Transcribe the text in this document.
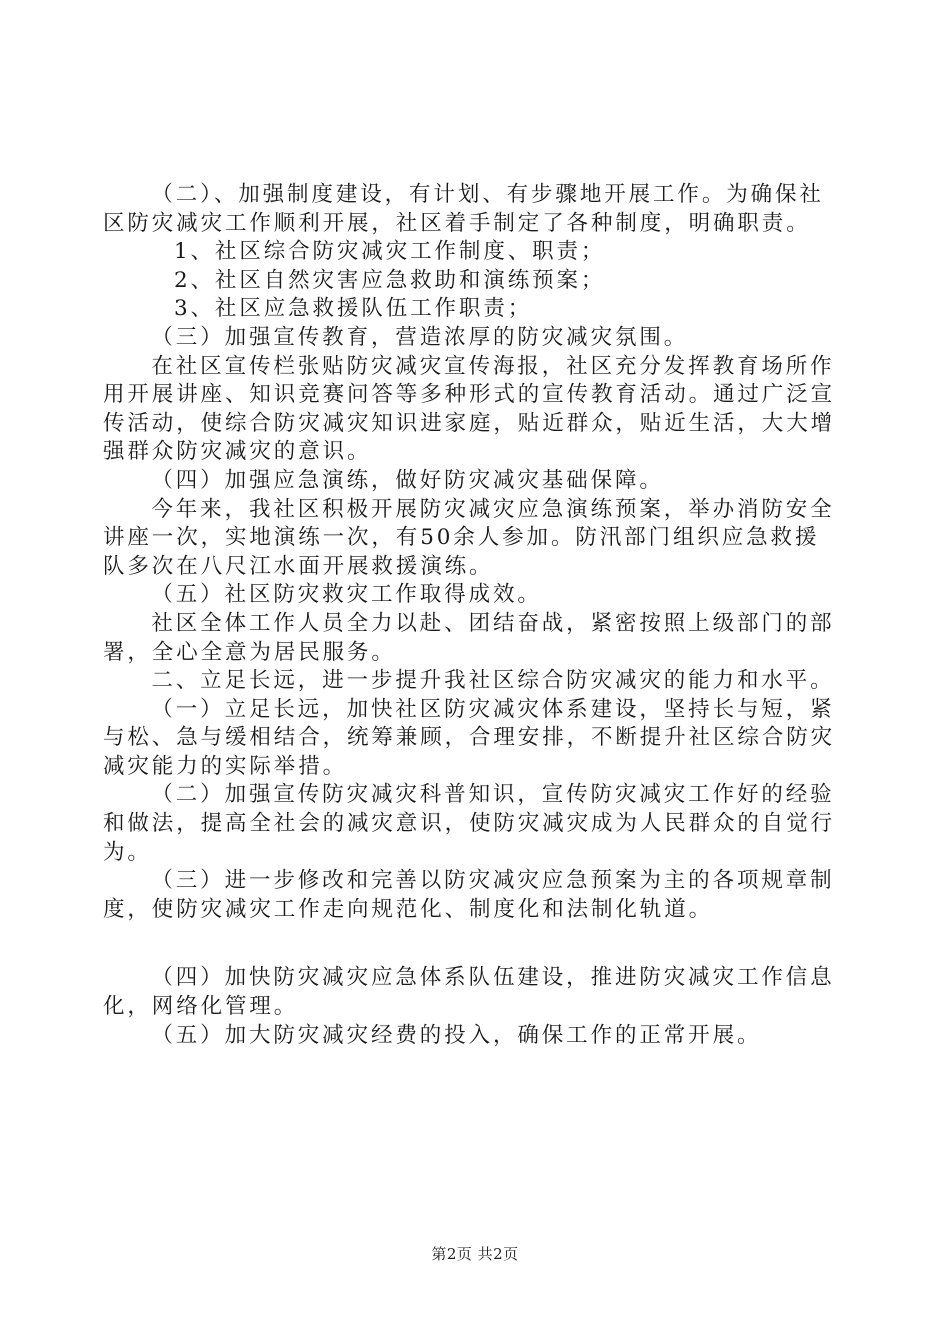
（二）、加强制度建设，有计划、有步骤地开展工作。为确保社区防灾减灾工作顺利开展，社区着手制定了各种制度，明确职责。

1、社区综合防灾减灾工作制度、职责；

2、社区自然灾害应急救助和演练预案；

3、社区应急救援队伍工作职责；

（三）加强宣传教育，营造浓厚的防灾减灾氛围。

在社区宣传栏张贴防灾减灾宣传海报，社区充分发挥教育场所作用开展讲座、知识竞赛问答等多种形式的宣传教育活动。通过广泛宣传活动，使综合防灾减灾知识进家庭，贴近群众，贴近生活，大大增强群众防灾减灾的意识。

（四）加强应急演练，做好防灾减灾基础保障。

今年来，我社区积极开展防灾减灾应急演练预案，举办消防安全讲座一次，实地演练一次，有50余人参加。防汛部门组织应急救援队多次在八尺江水面开展救援演练。

（五）社区防灾救灾工作取得成效。

社区全体工作人员全力以赴、团结奋战，紧密按照上级部门的部署，全心全意为居民服务。

二、立足长远，进一步提升我社区综合防灾减灾的能力和水平。

（一）立足长远，加快社区防灾减灾体系建设，坚持长与短，紧与松、急与缓相结合，统筹兼顾，合理安排，不断提升社区综合防灾减灾能力的实际举措。

（二）加强宣传防灾减灾科普知识，宣传防灾减灾工作好的经验和做法，提高全社会的减灾意识，使防灾减灾成为人民群众的自觉行为。

（三）进一步修改和完善以防灾减灾应急预案为主的各项规章制度，使防灾减灾工作走向规范化、制度化和法制化轨道。

（四）加快防灾减灾应急体系队伍建设，推进防灾减灾工作信息化，网络化管理。

（五）加大防灾减灾经费的投入，确保工作的正常开展。

第2页 共2页
